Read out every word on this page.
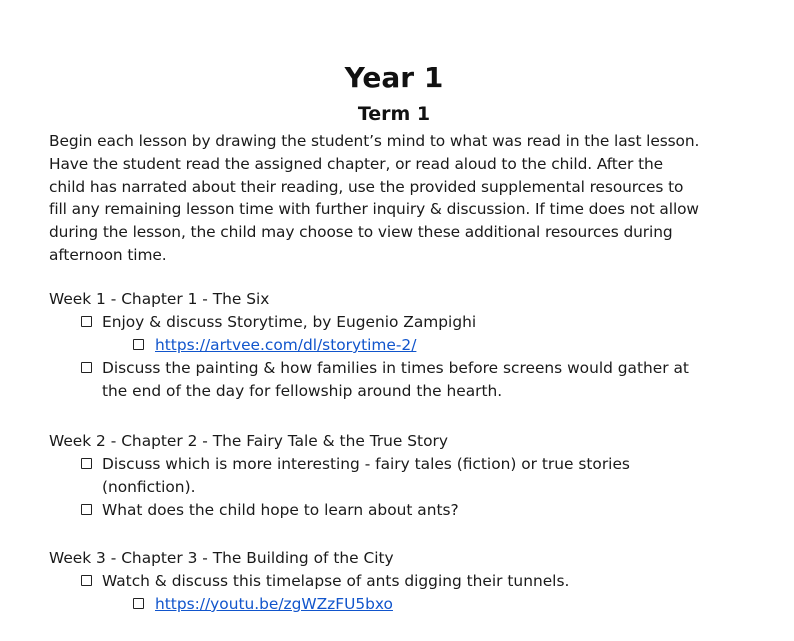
Year 1
Term 1
Begin each lesson by drawing the student’s mind to what was read in the last lesson.
Have the student read the assigned chapter, or read aloud to the child. After the
child has narrated about their reading, use the provided supplemental resources to
fill any remaining lesson time with further inquiry & discussion. If time does not allow
during the lesson, the child may choose to view these additional resources during
afternoon time.
Week 1 - Chapter 1 - The Six
Enjoy & discuss Storytime, by Eugenio Zampighi
https://artvee.com/dl/storytime-2/
Discuss the painting & how families in times before screens would gather at
the end of the day for fellowship around the hearth.
Week 2 - Chapter 2 - The Fairy Tale & the True Story
Discuss which is more interesting - fairy tales (fiction) or true stories
(nonfiction).
What does the child hope to learn about ants?
Week 3 - Chapter 3 - The Building of the City
Watch & discuss this timelapse of ants digging their tunnels.
https://youtu.be/zgWZzFU5bxo
